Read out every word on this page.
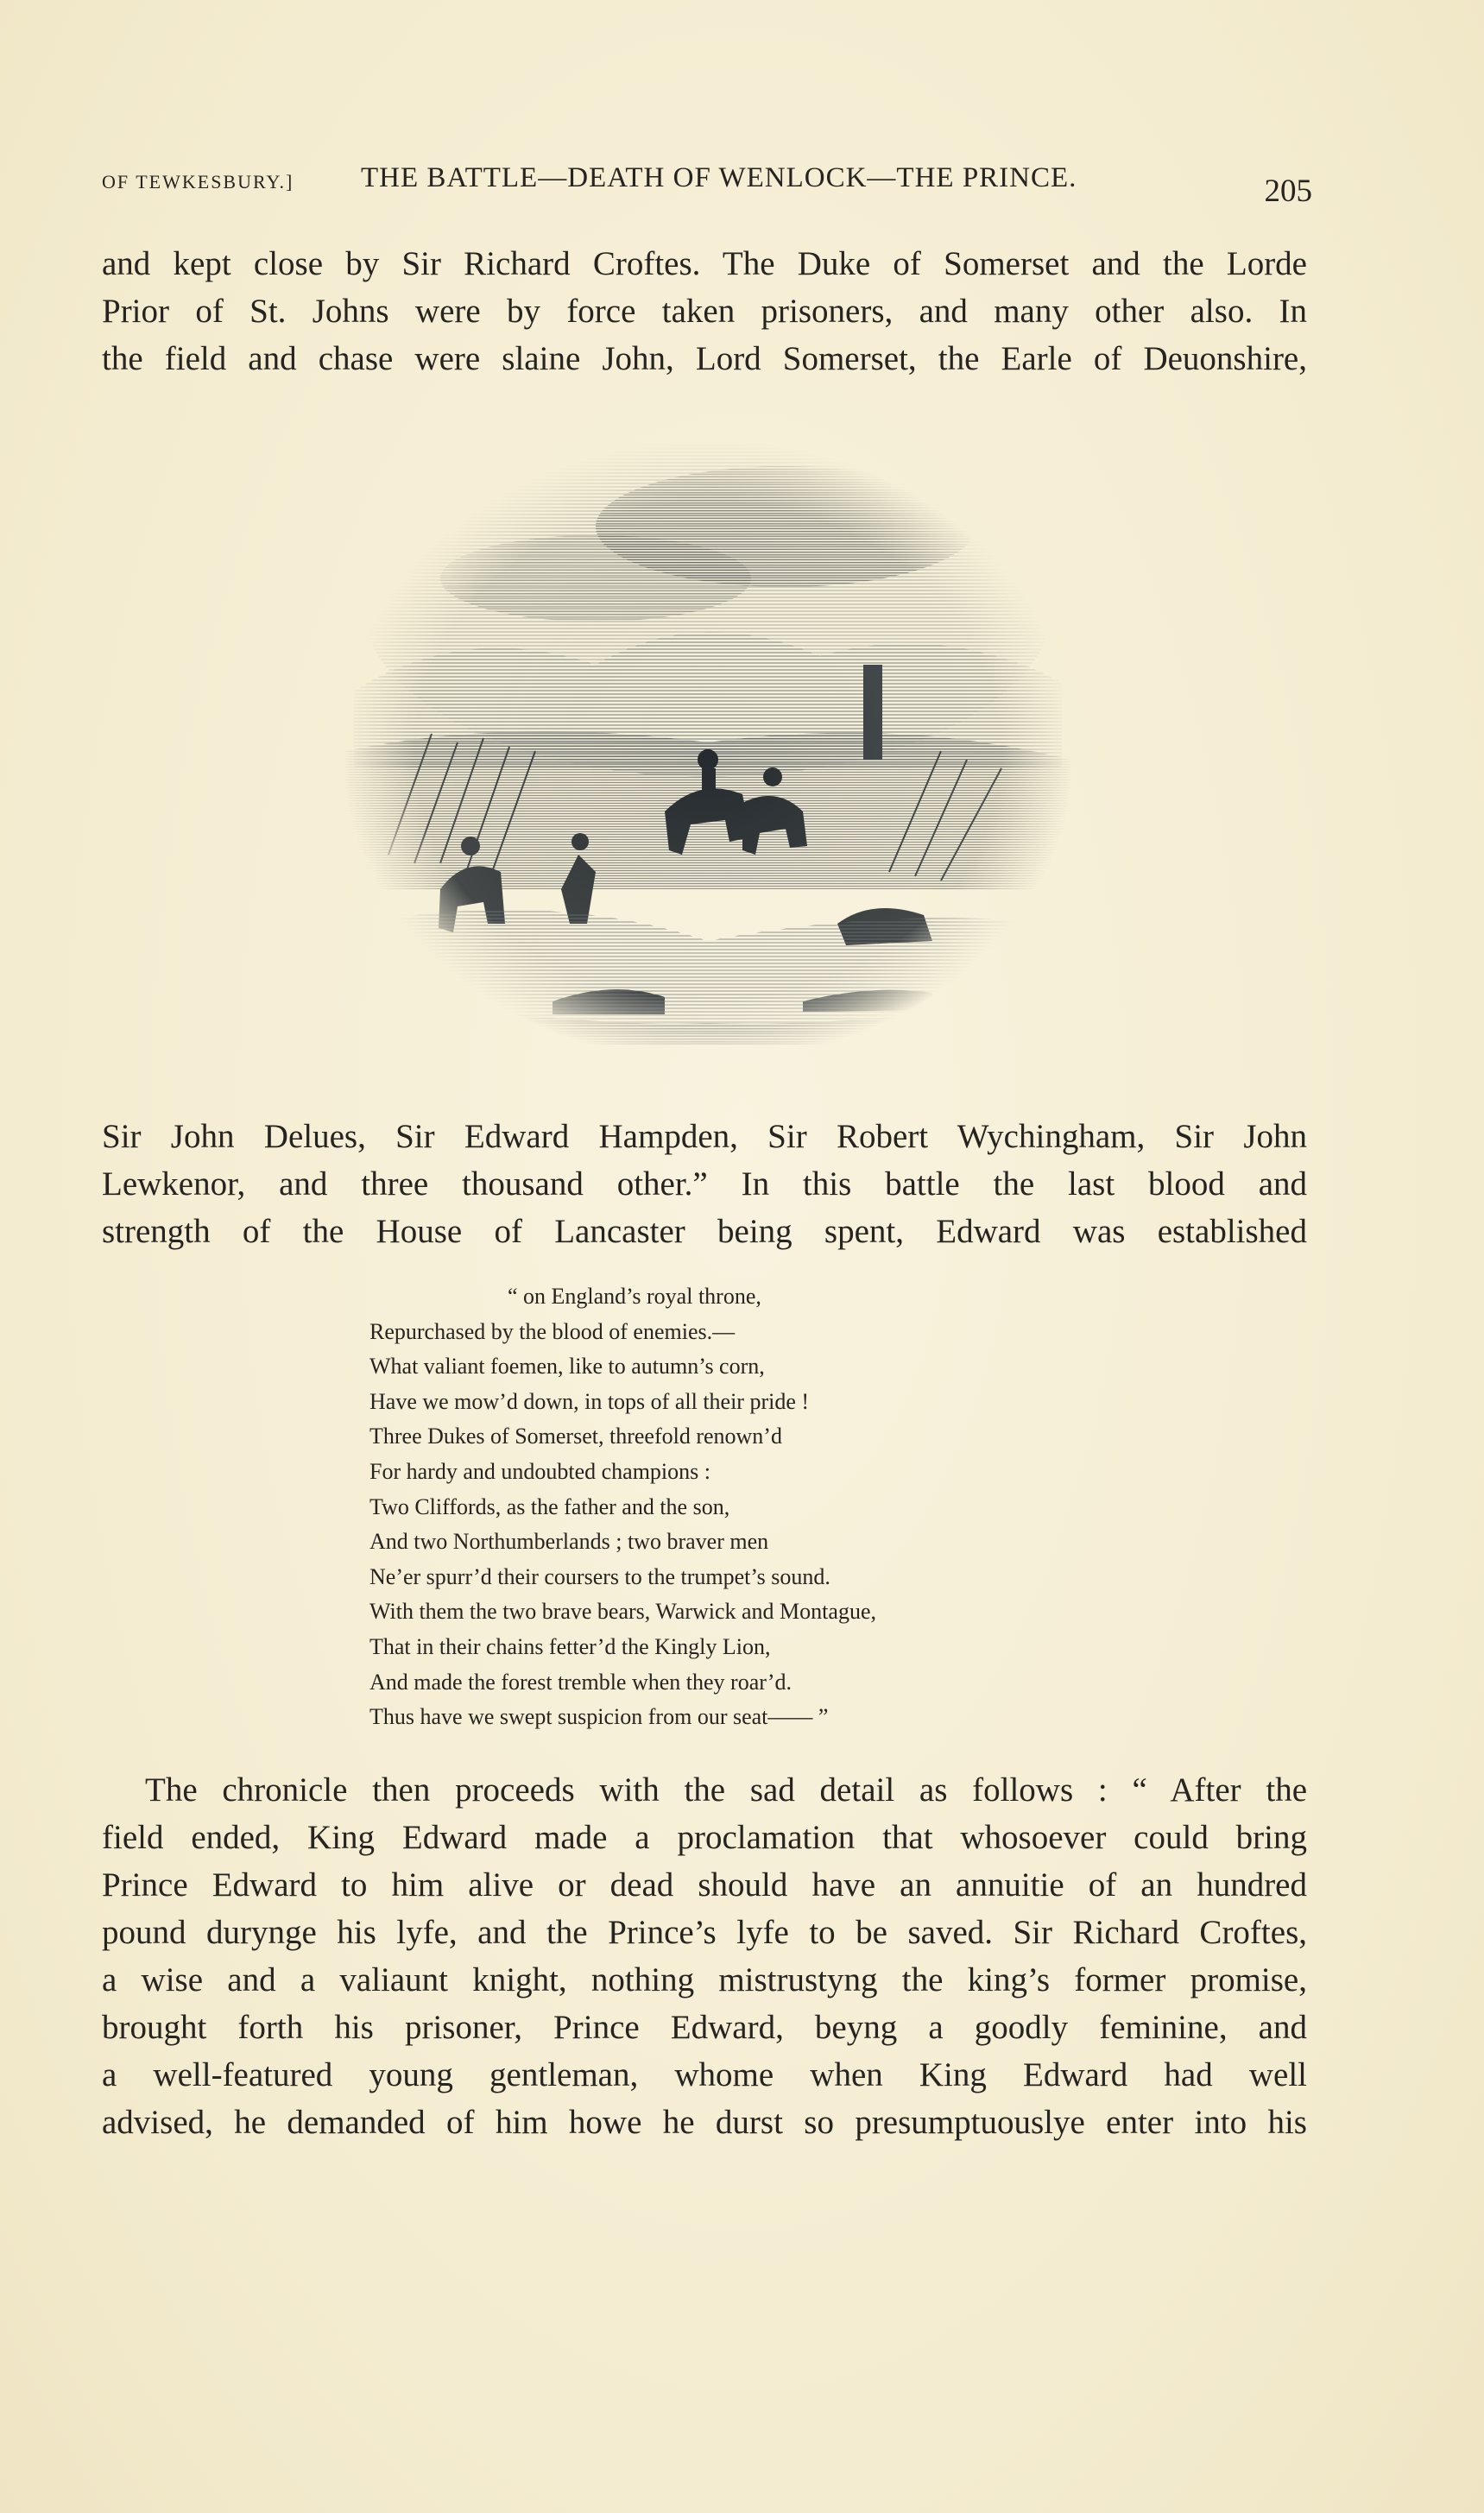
OF TEWKESBURY.] THE BATTLE—DEATH OF WENLOCK—THE PRINCE.	205
and kept close by Sir Richard Croftes. The Duke of Somerset and the Lorde
Prior of St. Johns were by force taken prisoners, and many other also. In
the field and chase were slaine John, Lord Somerset, the Earle of Deuonshire,
Sir John Delues, Sir Edward Hampden, Sir Robert Wychingham, Sir John
Lewkenor, and three thousand other.” In this battle the last blood and
strength of the House of Lancaster being spent, Edward was established
“ on England’s royal throne,
Repurchased by the blood of enemies.—
What valiant foemen, like to autumn’s corn,
Have we mow’d down, in tops of all their pride !
Three Dukes of Somerset, threefold renown’d
For hardy and undoubted champions :
Two Cliffords, as the father and the son,
And two Northumberlands ; two braver men
Ne’er spurr’d their coursers to the trumpet’s sound.
With them the two brave bears, Warwick and Montague,
That in their chains fetter’d the Kingly Lion,
And made the forest tremble when they roar’d.
Thus have we swept suspicion from our seat—— ”
The chronicle then proceeds with the sad detail as follows : “ After the
field ended, King Edward made a proclamation that whosoever could bring
Prince Edward to him alive or dead should have an annuitie of an hundred
pound durynge his lyfe, and the Prince’s lyfe to be saved. Sir Richard Croftes,
a wise and a valiaunt knight, nothing mistrustyng the king’s former promise,
brought forth his prisoner, Prince Edward, beyng a goodly feminine, and
a well-featured young gentleman, whome when King Edward had well
advised, he demanded of him howe he durst so presumptuouslye enter into his
